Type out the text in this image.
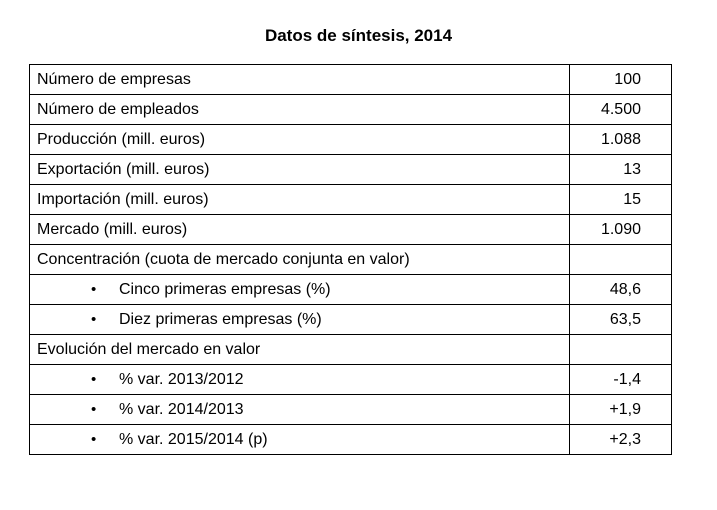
Datos de síntesis, 2014
Número de empresas	100
Número de empleados	4.500
Producción (mill. euros)	1.088
Exportación (mill. euros)	13
Importación (mill. euros)	15
Mercado (mill. euros)	1.090
Concentración (cuota de mercado conjunta en valor)	
• Cinco primeras empresas (%)	48,6
• Diez primeras empresas (%)	63,5
Evolución del mercado en valor	
• % var. 2013/2012	-1,4
• % var. 2014/2013	+1,9
• % var. 2015/2014 (p)	+2,3
